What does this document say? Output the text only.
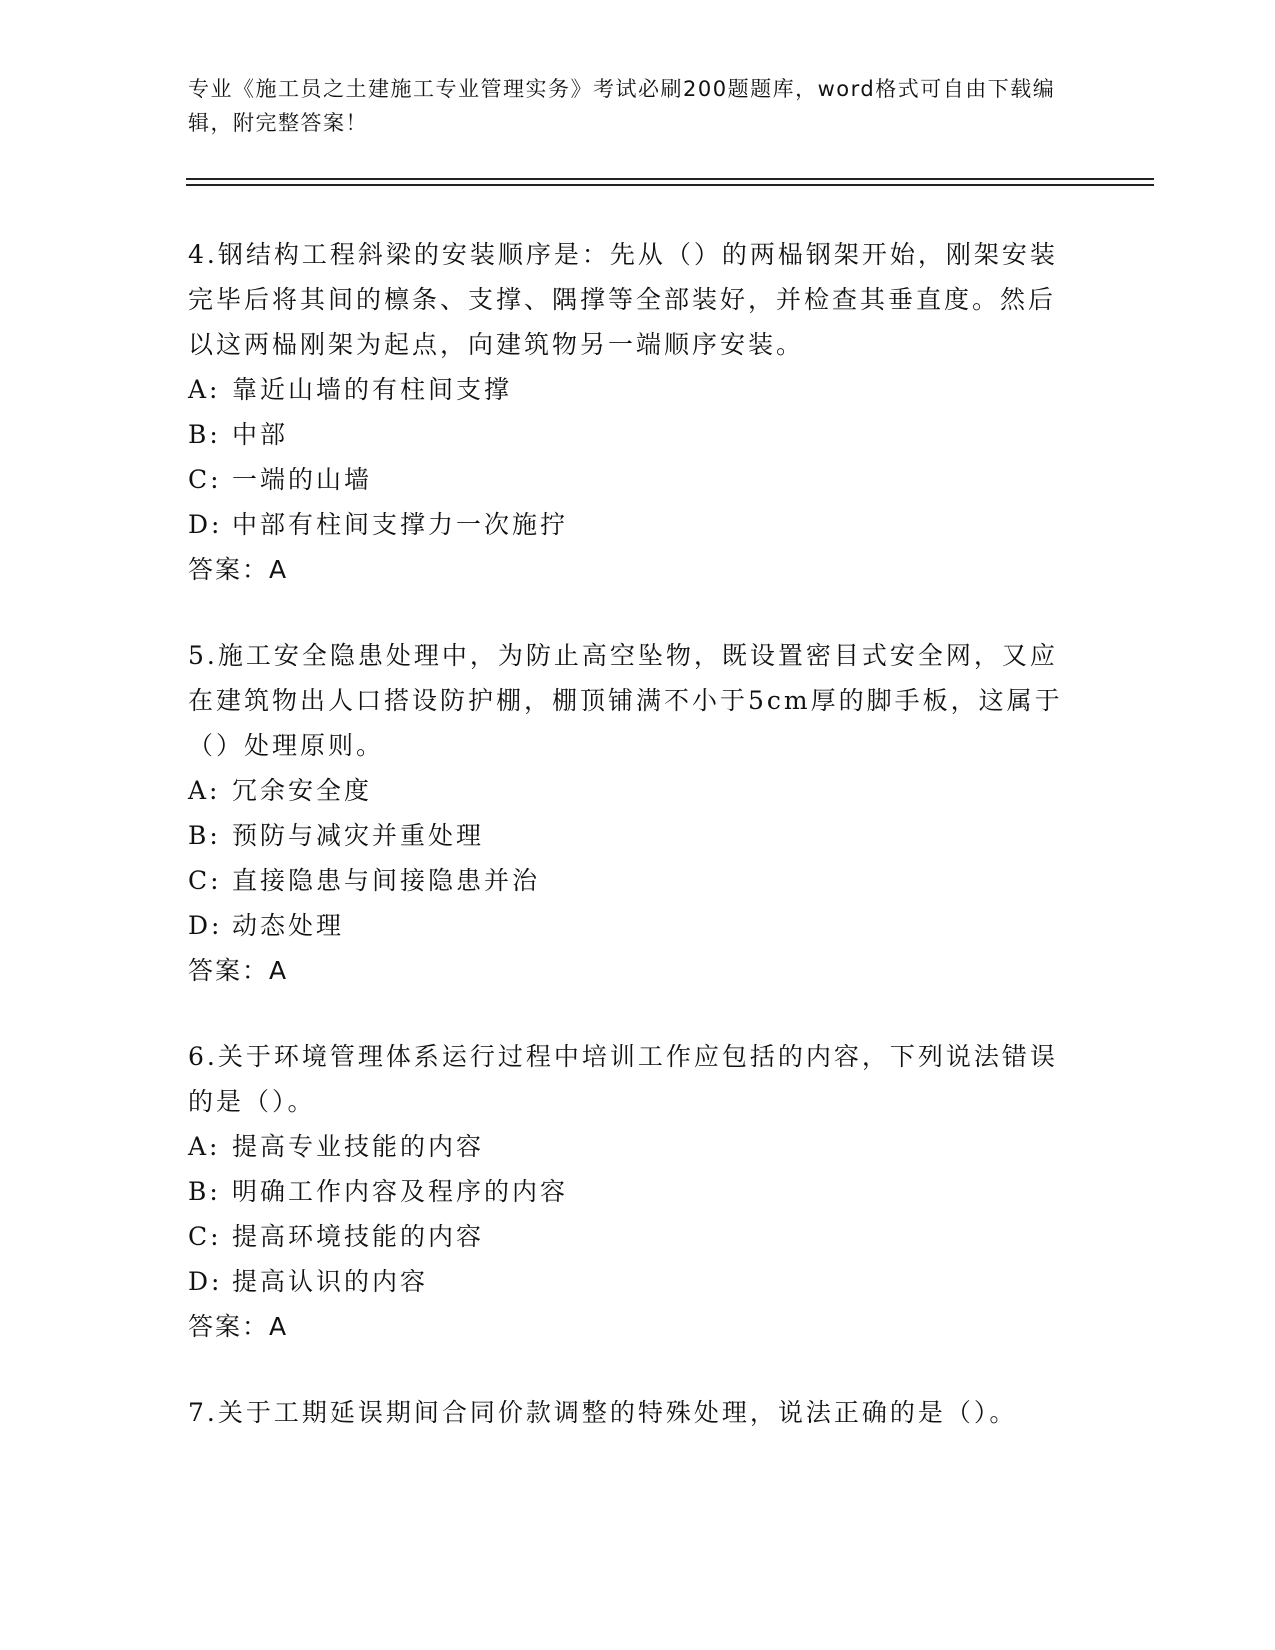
专业《施工员之土建施工专业管理实务》考试必刷200题题库，word格式可自由下载编辑，附完整答案！

4.钢结构工程斜梁的安装顺序是：先从（）的两榀钢架开始，刚架安装完毕后将其间的檩条、支撑、隅撑等全部装好，并检查其垂直度。然后以这两榀刚架为起点，向建筑物另一端顺序安装。

A: 靠近山墙的有柱间支撑

B: 中部

C: 一端的山墙

D: 中部有柱间支撑力一次施拧

答案：A

5.施工安全隐患处理中，为防止高空坠物，既设置密目式安全网，又应在建筑物出人口搭设防护棚，棚顶铺满不小于5cm厚的脚手板，这属于（）处理原则。

A: 冗余安全度

B: 预防与减灾并重处理

C: 直接隐患与间接隐患并治

D: 动态处理

答案：A

6.关于环境管理体系运行过程中培训工作应包括的内容，下列说法错误的是（）。

A: 提高专业技能的内容

B: 明确工作内容及程序的内容

C: 提高环境技能的内容

D: 提高认识的内容

答案：A

7.关于工期延误期间合同价款调整的特殊处理，说法正确的是（）。
